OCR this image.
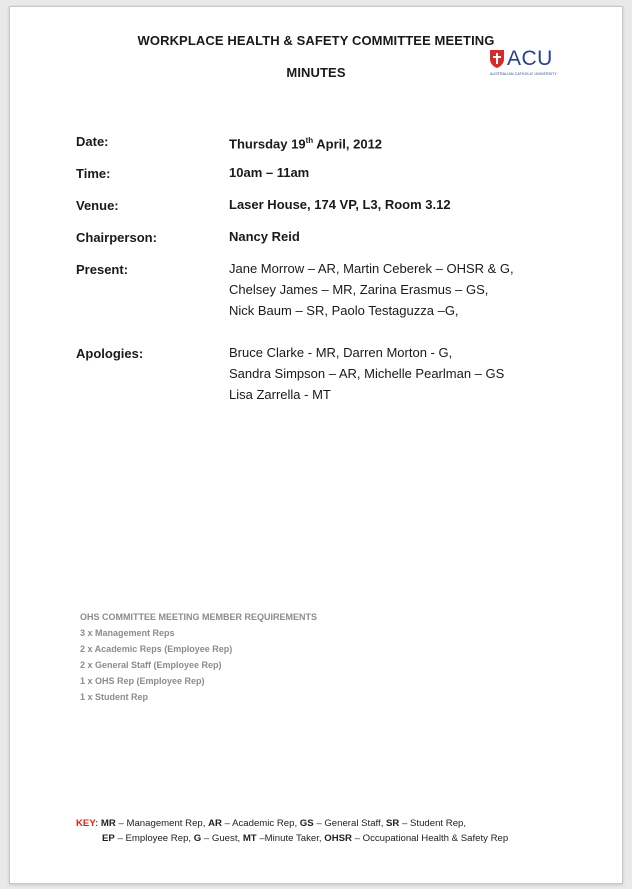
WORKPLACE HEALTH & SAFETY COMMITTEE MEETING
MINUTES
ACU
AUSTRALIAN CATHOLIC UNIVERSITY
Date:	Thursday 19th April, 2012
Time:	10am – 11am
Venue:	Laser House, 174 VP, L3, Room 3.12
Chairperson:	Nancy Reid
Present:	Jane Morrow – AR, Martin Ceberek – OHSR & G,
Chelsey James – MR, Zarina Erasmus – GS,
Nick Baum – SR, Paolo Testaguzza –G,
Apologies:	Bruce Clarke - MR, Darren Morton - G,
Sandra Simpson – AR, Michelle Pearlman – GS
Lisa Zarrella - MT
OHS COMMITTEE MEETING MEMBER REQUIREMENTS
3 x Management Reps
2 x Academic Reps (Employee Rep)
2 x General Staff (Employee Rep)
1 x OHS Rep (Employee Rep)
1 x Student Rep
KEY: MR – Management Rep, AR – Academic Rep, GS – General Staff, SR – Student Rep,
EP – Employee Rep, G – Guest, MT –Minute Taker, OHSR – Occupational Health & Safety Rep
